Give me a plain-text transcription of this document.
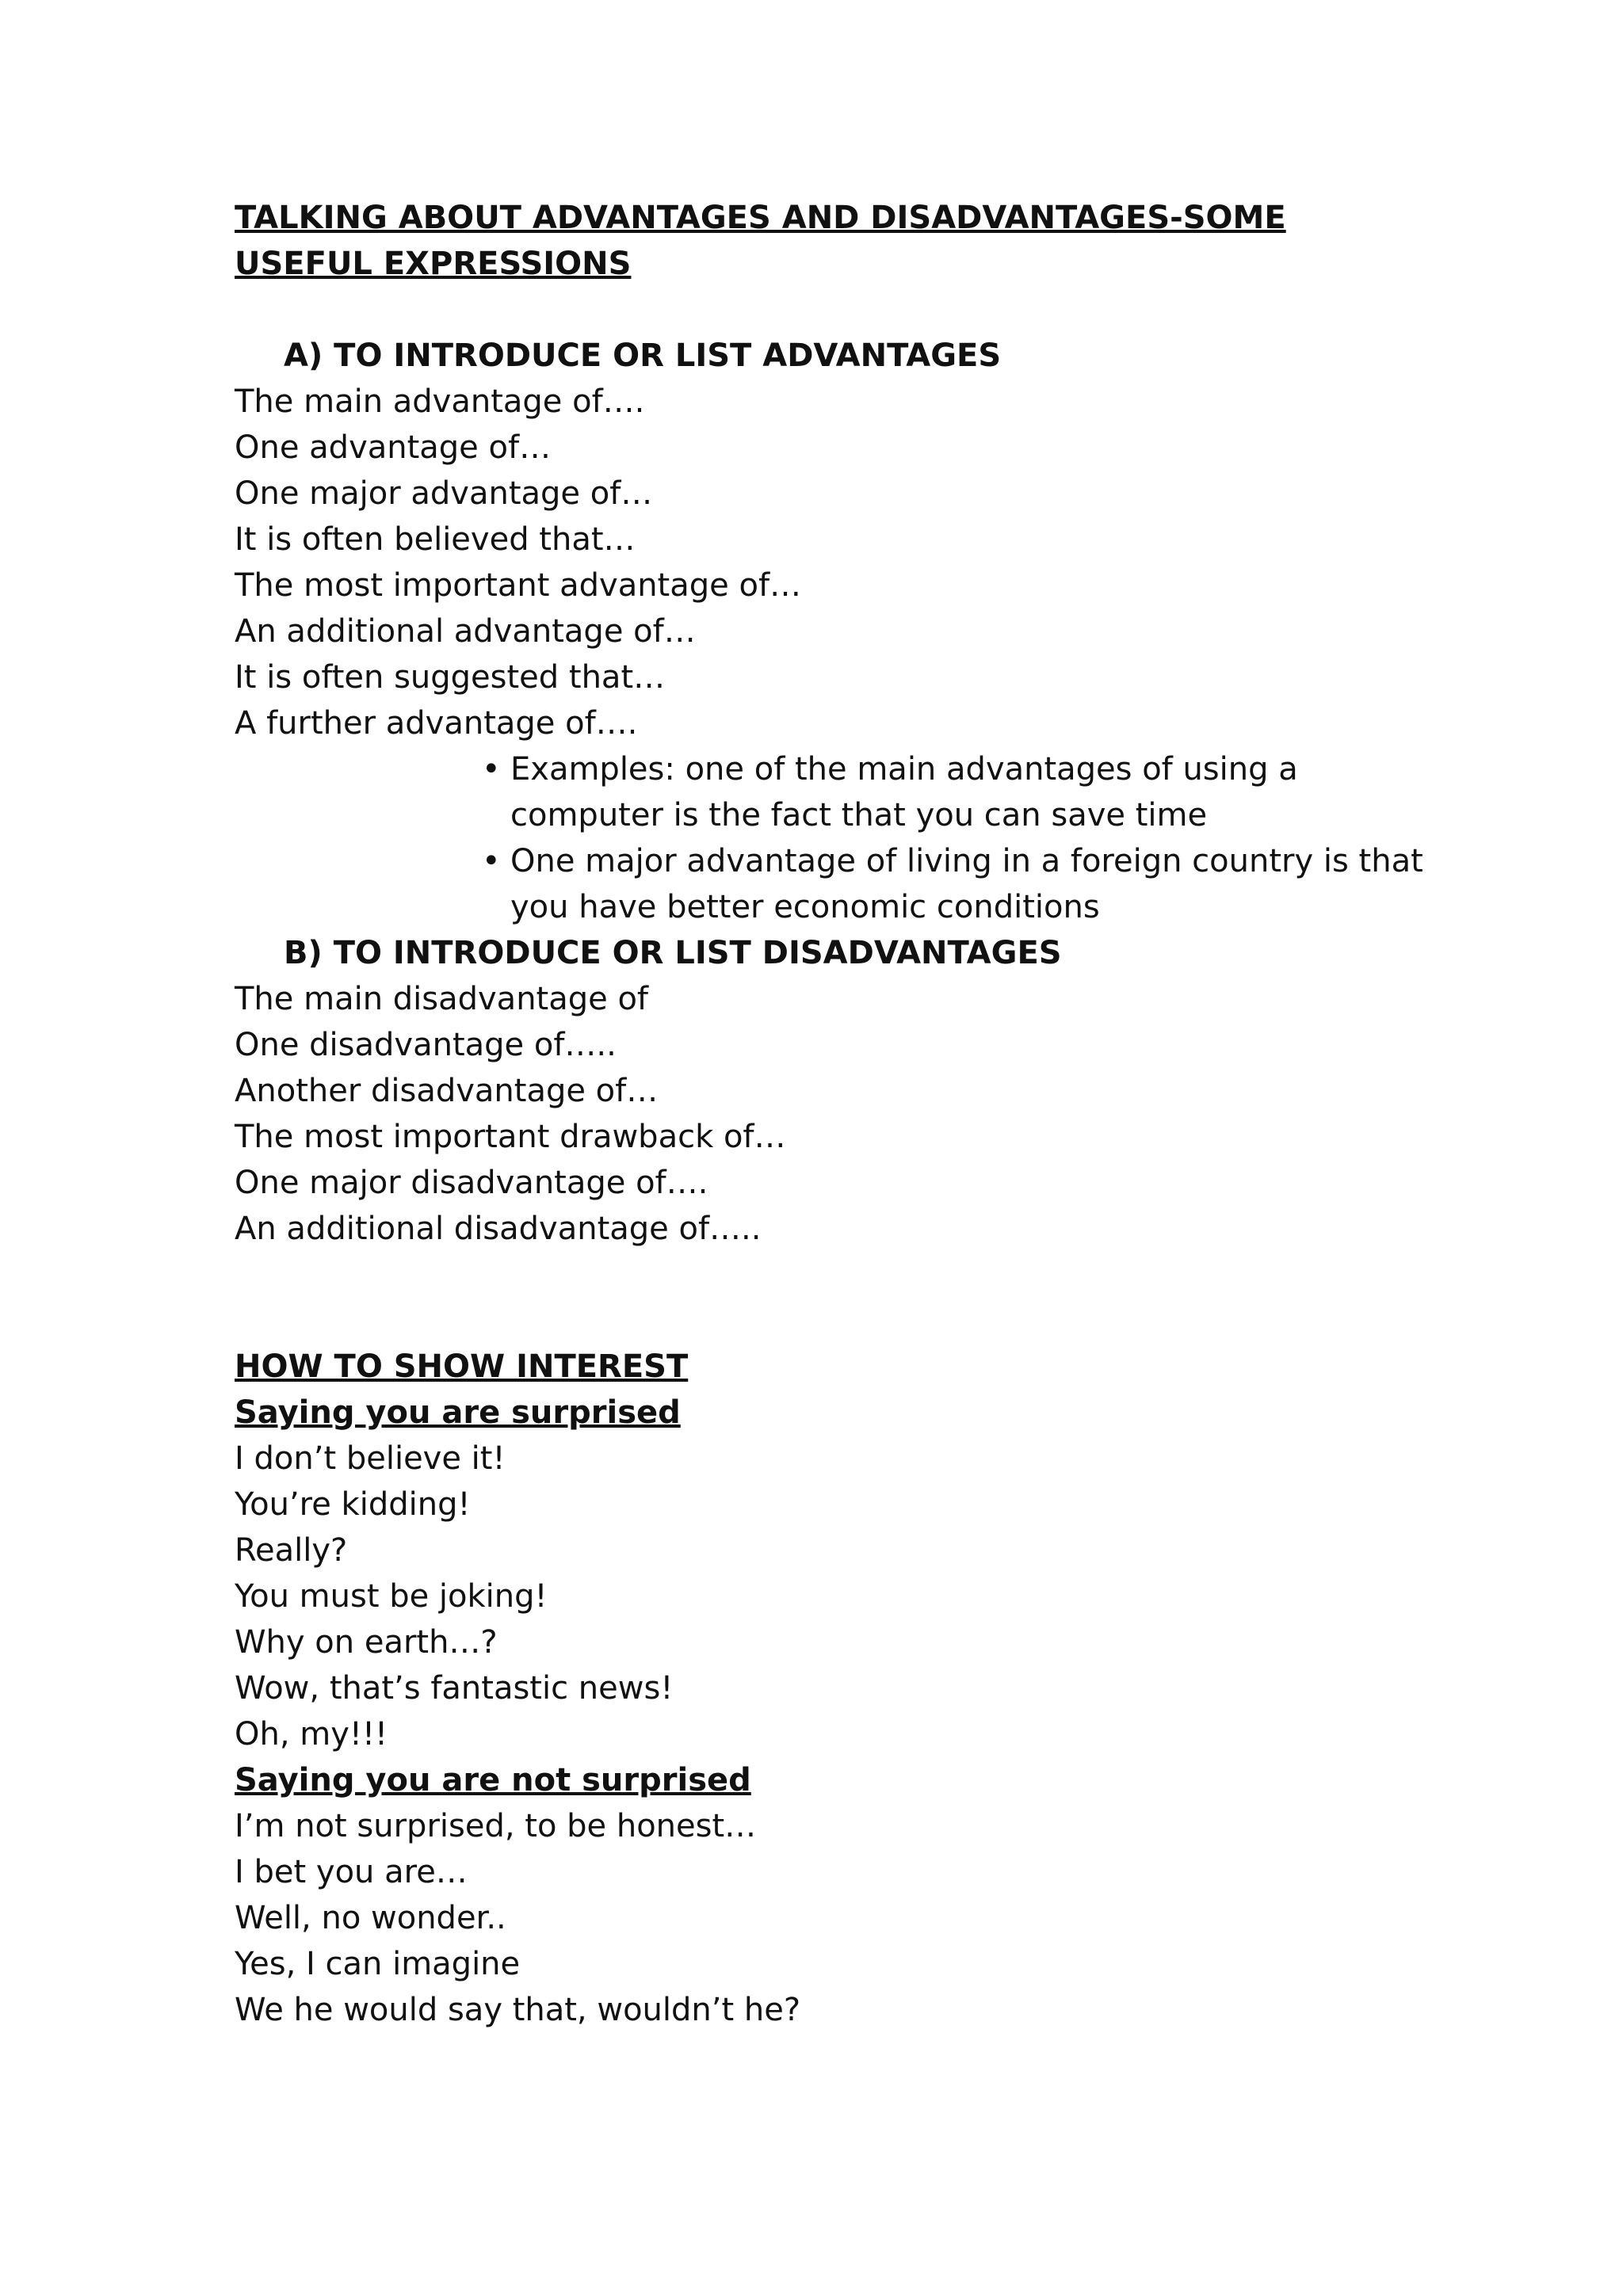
TALKING ABOUT ADVANTAGES AND DISADVANTAGES-SOME
USEFUL EXPRESSIONS
A) TO INTRODUCE OR LIST ADVANTAGES
The main advantage of….
One advantage of…
One major advantage of…
It is often believed that…
The most important advantage of…
An additional advantage of…
It is often suggested that…
A further advantage of….
• Examples: one of the main advantages of using a
computer is the fact that you can save time
• One major advantage of living in a foreign country is that
you have better economic conditions
B) TO INTRODUCE OR LIST DISADVANTAGES
The main disadvantage of
One disadvantage of…..
Another disadvantage of…
The most important drawback of…
One major disadvantage of….
An additional disadvantage of…..
HOW TO SHOW INTEREST
Saying you are surprised
I don’t believe it!
You’re kidding!
Really?
You must be joking!
Why on earth…?
Wow, that’s fantastic news!
Oh, my!!!
Saying you are not surprised
I’m not surprised, to be honest…
I bet you are…
Well, no wonder..
Yes, I can imagine
We he would say that, wouldn’t he?
